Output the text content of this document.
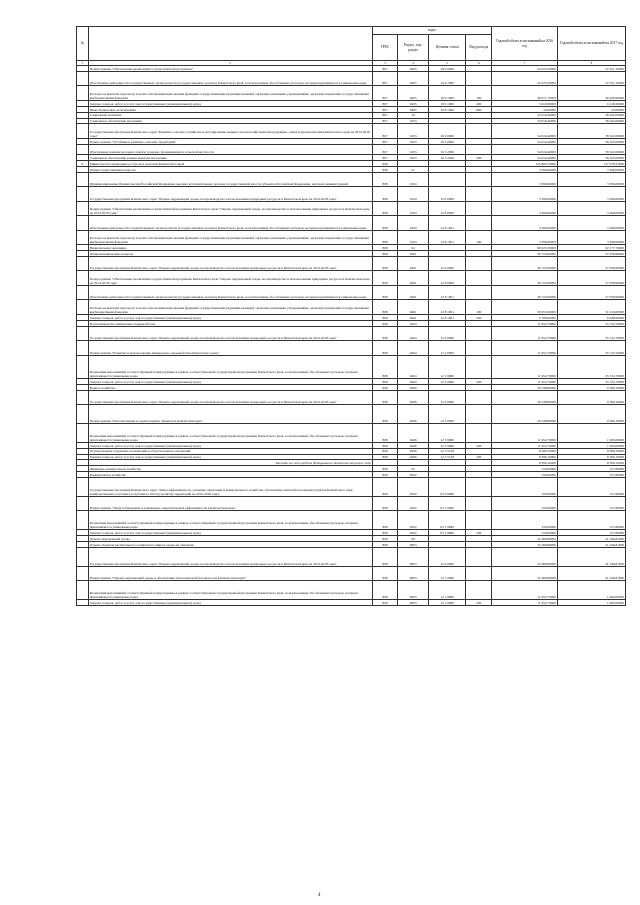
№		коды				Годовой объем ассигнований на 2016 год	Годовой объем ассигнований на 2017 год
		ГРБС	Раздел, под- раздел	Целевая статья	Вид расхода		
1	2	3	4	5	6	7	8
	Подпрограмма "Обеспечение реализации государственной программы"	807	0405	16 9 0000		52 025,50000	52 521,10000
	Обеспечение деятельности государственных органов власти (государственных органов) Камчатского края, за исключением обособленных расходов, которым присваиваются уникальные коды	807	0405	16 9 1000		52 025,50000	52 521,10000
	Расходы на выплаты персоналу в целях обеспечения выполнения функций государственными (муниципальными) органами, казенными учреждениями, органами управления государственными внебюджетными фондами	807	0405	16 9 1000	100	46 071,70000	46 260,90000
	Закупка товаров, работ и услуг для государственных (муниципальных) нужд	807	0405	16 9 1000	200	5 919,80000	6 218,20000
	Иные бюджетные ассигнования	807	0405	16 9 1000	800	34,00000	42,00000
	Социальная политика	807	10			34 616,40000	38 162,00000
	Социальное обеспечение населения	807	1003			34 616,40000	38 162,00000
	Государственная программа Камчатского края "Развитие сельского хозяйства и регулирование рынков сельскохозяйственной продукции, сырья и продовольствия Камчатского края на 2014-2018 годы"	807	1003	16 0 0000		34 616,40000	38 162,00000
	Подпрограмма "Устойчивое развитие сельских территорий"	807	1003	16 5 0000		34 616,40000	38 162,00000
	Обеспечение жильем молодых семей и граждан, проживающих в сельской местности	807	1003	16 5 2036		34 616,40000	38 162,00000
	Социальное обеспечение и иные выплаты населению	807	1003	16 5 2036	300	34 616,40000	38 162,00000
6	Министерство природных ресурсов и экологии Камчатского края	808				125 860,79000	127 578,31000
	Общегосударственные вопросы	808	01			3 396,00000	3 396,00000
	Функционирование Правительства Российской Федерации, высших исполнительных органов государственной власти субъектов Российской Федерации, местных администраций	808	0104			3 396,00000	3 396,00000
	Государственная программа Камчатского края "Охрана окружающей среды, воспроизводство и использование природных ресурсов в Камчатском крае на 2014-2018 годы"	808	0104	12 0 0000		3 396,00000	3 396,00000
	Подпрограмма "Обеспечение реализации государственной программы Камчатского края "Охрана окружающей среды, воспроизводство и использование природных ресурсов в Камчатском крае на 2014-2018 годы"	808	0104	12 8 0000		3 396,00000	3 396,00000
	Обеспечение деятельности государственных органов власти (государственных органов) Камчатского края, за исключением обособленных расходов, которым присваиваются уникальные коды	808	0104	12 8 1001		3 396,00000	3 396,00000
	Расходы на выплаты персоналу в целях обеспечения выполнения функций государственными (муниципальными) органами, казенными учреждениями, органами управления государственными внебюджетными фондами	808	0104	12 8 1001	100	3 396,00000	3 396,00000
	Национальная экономика	808	04			69 025,30000	82 177,70000
	Общеэкономические вопросы	808	0401			36 723,60000	37 058,90000
	Государственная программа Камчатского края "Охрана окружающей среды, воспроизводство и использование природных ресурсов в Камчатском крае на 2014-2018 годы"	808	0401	12 0 0000		36 723,60000	37 058,90000
	Подпрограмма "Обеспечение реализации государственной программы Камчатского края "Охрана окружающей среды, воспроизводство и использование природных ресурсов в Камчатском крае на 2014-2018 годы"	808	0401	12 8 0000		36 723,60000	37 058,90000
	Обеспечение деятельности государственных органов власти (государственных органов) Камчатского края, за исключением обособленных расходов, которым присваиваются уникальные коды	808	0401	12 8 1001		36 723,60000	37 058,90000
	Расходы на выплаты персоналу в целях обеспечения выполнения функций государственными (муниципальными) органами, казенными учреждениями, органами управления государственными внебюджетными фондами	808	0401	12 8 1001	100	30 955,60000	31 010,00000
	Закупка товаров, работ и услуг для государственных (муниципальных) нужд	808	0401	12 8 1001	200	5 768,00000	6 048,90000
	Воспроизводство минерально-сырьевой базы	808	0404			11 952,70000	35 722,70000
	Государственная программа Камчатского края "Охрана окружающей среды, воспроизводство и использование природных ресурсов в Камчатском крае на 2014-2018 годы"	808	0404	12 0 0000		11 952,70000	35 722,70000
	Подпрограмма "Развитие и использование минерально-сырьевой базы Камчатского края"	808	0404	12 2 0000		11 952,70000	35 722,70000
	Реализация мероприятий соответствующей подпрограммы в рамках соответствующей государственной программы Камчатского края, за исключением обособленных расходов, которым присваиваются уникальные коды	808	0404	12 2 9999		11 952,70000	35 722,70000
	Закупка товаров, работ и услуг для государственных (муниципальных) нужд	808	0404	12 2 9999	200	11 952,70000	35 722,70000
	Водное хозяйство	808	0406			20 348,80000	9 396,10000
	Государственная программа Камчатского края "Охрана окружающей среды, воспроизводство и использование природных ресурсов в Камчатском крае на 2014-2018 годы"	808	0406	12 0 0000		20 348,80000	9 396,10000
	Подпрограмма "Использование и охрана водных объектов в Камчатском крае"	808	0406	12 3 0000		20 348,80000	9 396,10000
	Реализация мероприятий соответствующей подпрограммы в рамках соответствующей государственной программы Камчатского края, за исключением обособленных расходов, которым присваиваются уникальные коды	808	0406	12 3 9999		11 952,70000	1 000,00000
	Закупка товаров, работ и услуг для государственных (муниципальных) нужд	808	0406	12 3 9999	200	11 952,70000	1 000,00000
	Осуществление отдельных полномочий в области водных отношений	808	0406	12 3 5128		8 396,10000	8 396,10000
	Закупка товаров, работ и услуг для государственных (муниципальных) нужд	808	0406	12 3 5128	200	8 396,10000	8 396,10000
	Расходы за счет средств федерального бюджета текущего года					8 396,10000	8 396,10000
	Жилищно-коммунальное хозяйство	808	05			150,00000	157,80000
	Коммунальное хозяйство	808	0502			150,00000	157,80000
	Государственная программа Камчатского края "Энергоэффективность, развитие энергетики и коммунального хозяйства, обеспечение жителей населенных пунктов Камчатского края коммунальными услугами и услугами по благоустройству территорий на 2014-2018 годы"	808	0502	05 0 0000		150,00000	157,80000
	Подпрограмма "Энергосбережение и повышение энергетической эффективности в Камчатском крае"	808	0502	05 1 0000		150,00000	157,80000
	Реализация мероприятий соответствующей подпрограммы в рамках соответствующей государственной программы Камчатского края, за исключением обособленных расходов, которым присваиваются уникальные коды	808	0502	05 1 9999		150,00000	157,80000
	Закупка товаров, работ и услуг для государственных (муниципальных) нужд	808	0502	05 1 9999	200	150,00000	157,80000
	Охрана окружающей среды	808	06			52 469,80000	41 546,81000
	Охрана объектов растительного и животного мира и среды их обитания	808	0603			52 469,80000	41 546,81000
	Государственная программа Камчатского края "Охрана окружающей среды, воспроизводство и использование природных ресурсов в Камчатском крае на 2014-2018 годы"	808	0603	12 0 0000		52 469,80000	41 546,81000
	Подпрограмма "Охрана окружающей среды и обеспечение экологической безопасности в Камчатском крае"	808	0603	12 1 0000		52 469,80000	41 546,81000
	Реализация мероприятий соответствующей подпрограммы в рамках соответствующей государственной программы Камчатского края, за исключением обособленных расходов, которым присваиваются уникальные коды	808	0603	12 1 9999		11 952,70000	1 000,00000
	Закупка товаров, работ и услуг для государственных (муниципальных) нужд	808	0603	12 1 9999	200	11 952,70000	1 000,00000
4
